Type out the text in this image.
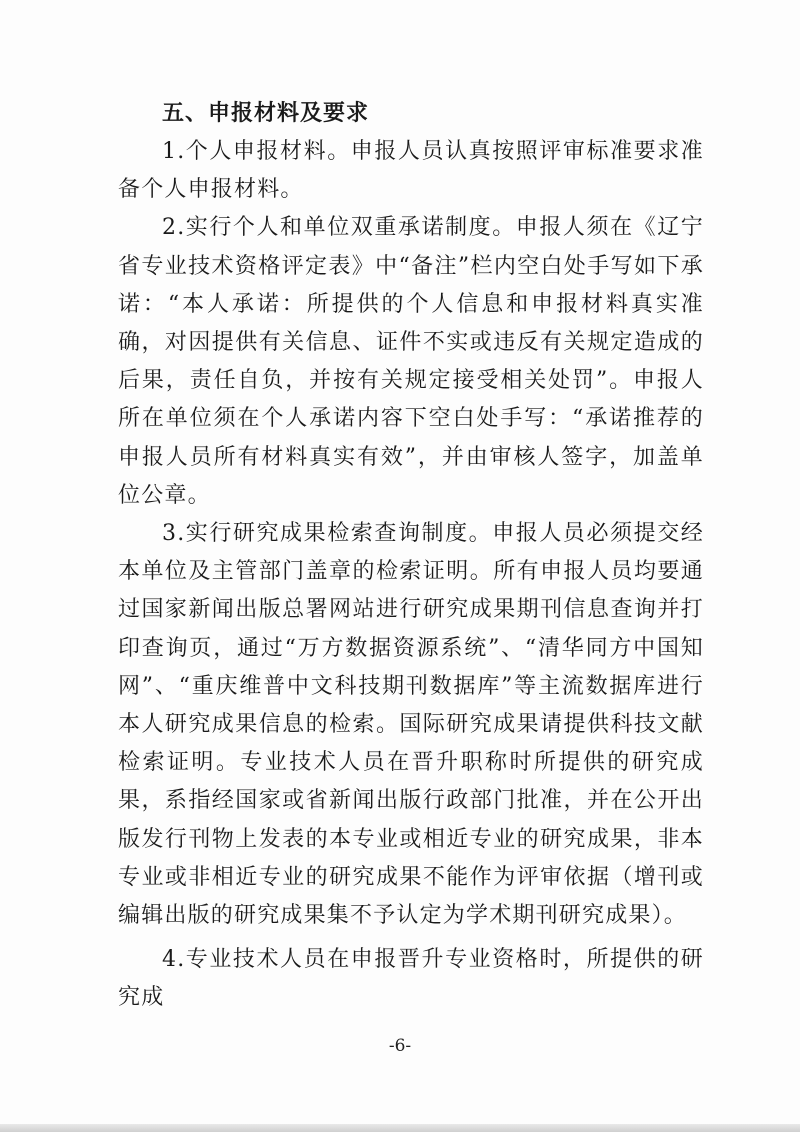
五、申报材料及要求

1.个人申报材料。申报人员认真按照评审标准要求准备个人申报材料。

2.实行个人和单位双重承诺制度。申报人须在《辽宁省专业技术资格评定表》中“备注”栏内空白处手写如下承诺：“本人承诺：所提供的个人信息和申报材料真实准确，对因提供有关信息、证件不实或违反有关规定造成的后果，责任自负，并按有关规定接受相关处罚”。申报人所在单位须在个人承诺内容下空白处手写：“承诺推荐的申报人员所有材料真实有效”，并由审核人签字，加盖单位公章。

3.实行研究成果检索查询制度。申报人员必须提交经本单位及主管部门盖章的检索证明。所有申报人员均要通过国家新闻出版总署网站进行研究成果期刊信息查询并打印查询页，通过“万方数据资源系统”、“清华同方中国知网”、“重庆维普中文科技期刊数据库”等主流数据库进行本人研究成果信息的检索。国际研究成果请提供科技文献检索证明。专业技术人员在晋升职称时所提供的研究成果，系指经国家或省新闻出版行政部门批准，并在公开出版发行刊物上发表的本专业或相近专业的研究成果，非本专业或非相近专业的研究成果不能作为评审依据（增刊或编辑出版的研究成果集不予认定为学术期刊研究成果）。

4.专业技术人员在申报晋升专业资格时，所提供的研究成

-6-
